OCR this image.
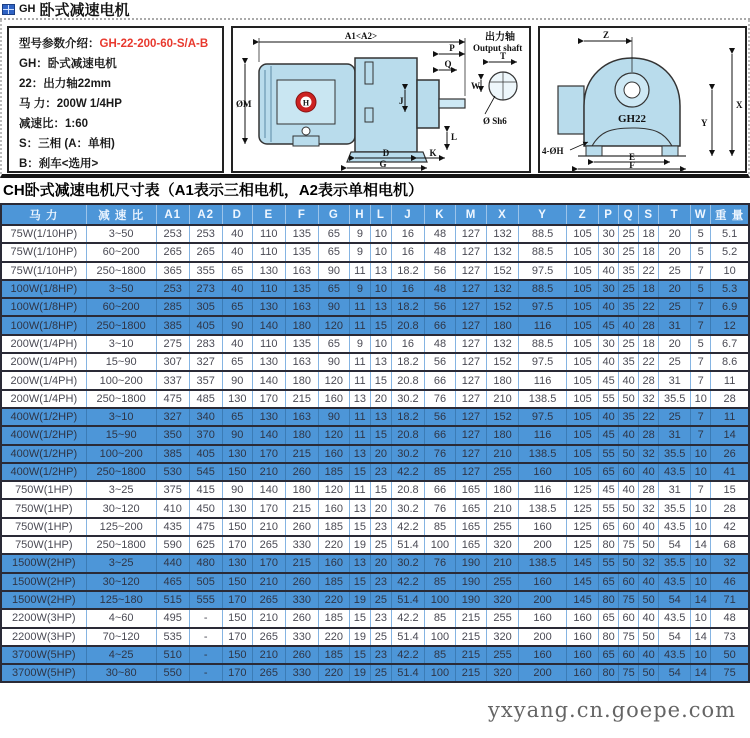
GH 卧式减速电机
型号参数介绍：GH-22-200-60-S/A-B
GH：卧式减速电机
22：出力轴22mm
马 力：200W 1/4HP
减速比：1:60
S：三相 (A：单相)
B：刹车<选用>
H
A1<A2>
ØM
P
Q
J
L
D	K
G
出力轴
Output shaft
T
W
Ø Sh6	GH22
Z
X
Y
E
F
4-ØH
CH卧式减速电机尺寸表（A1表示三相电机，A2表示单相电机）
马 力	减 速 比	A1	A2	D	E	F	G	H	L	J	K	M	X	Y	Z	P	Q	S	T	W	重 量
75W(1/10HP)	3~50	253	253	40	110	135	65	9	10	16	48	127	132	88.5	105	30	25	18	20	5	5.1
75W(1/10HP)	60~200	265	265	40	110	135	65	9	10	16	48	127	132	88.5	105	30	25	18	20	5	5.2
75W(1/10HP)	250~1800	365	355	65	130	163	90	11	13	18.2	56	127	152	97.5	105	40	35	22	25	7	10
100W(1/8HP)	3~50	253	273	40	110	135	65	9	10	16	48	127	132	88.5	105	30	25	18	20	5	5.3
100W(1/8HP)	60~200	285	305	65	130	163	90	11	13	18.2	56	127	152	97.5	105	40	35	22	25	7	6.9
100W(1/8HP)	250~1800	385	405	90	140	180	120	11	15	20.8	66	127	180	116	105	45	40	28	31	7	12
200W(1/4PH)	3~10	275	283	40	110	135	65	9	10	16	48	127	132	88.5	105	30	25	18	20	5	6.7
200W(1/4PH)	15~90	307	327	65	130	163	90	11	13	18.2	56	127	152	97.5	105	40	35	22	25	7	8.6
200W(1/4PH)	100~200	337	357	90	140	180	120	11	15	20.8	66	127	180	116	105	45	40	28	31	7	11
200W(1/4PH)	250~1800	475	485	130	170	215	160	13	20	30.2	76	127	210	138.5	105	55	50	32	35.5	10	28
400W(1/2HP)	3~10	327	340	65	130	163	90	11	13	18.2	56	127	152	97.5	105	40	35	22	25	7	11
400W(1/2HP)	15~90	350	370	90	140	180	120	11	15	20.8	66	127	180	116	105	45	40	28	31	7	14
400W(1/2HP)	100~200	385	405	130	170	215	160	13	20	30.2	76	127	210	138.5	105	55	50	32	35.5	10	26
400W(1/2HP)	250~1800	530	545	150	210	260	185	15	23	42.2	85	127	255	160	105	65	60	40	43.5	10	41
750W(1HP)	3~25	375	415	90	140	180	120	11	15	20.8	66	165	180	116	125	45	40	28	31	7	15
750W(1HP)	30~120	410	450	130	170	215	160	13	20	30.2	76	165	210	138.5	125	55	50	32	35.5	10	28
750W(1HP)	125~200	435	475	150	210	260	185	15	23	42.2	85	165	255	160	125	65	60	40	43.5	10	42
750W(1HP)	250~1800	590	625	170	265	330	220	19	25	51.4	100	165	320	200	125	80	75	50	54	14	68
1500W(2HP)	3~25	440	480	130	170	215	160	13	20	30.2	76	190	210	138.5	145	55	50	32	35.5	10	32
1500W(2HP)	30~120	465	505	150	210	260	185	15	23	42.2	85	190	255	160	145	65	60	40	43.5	10	46
1500W(2HP)	125~180	515	555	170	265	330	220	19	25	51.4	100	190	320	200	145	80	75	50	54	14	71
2200W(3HP)	4~60	495	-	150	210	260	185	15	23	42.2	85	215	255	160	160	65	60	40	43.5	10	48
2200W(3HP)	70~120	535	-	170	265	330	220	19	25	51.4	100	215	320	200	160	80	75	50	54	14	73
3700W(5HP)	4~25	510	-	150	210	260	185	15	23	42.2	85	215	255	160	160	65	60	40	43.5	10	50
3700W(5HP)	30~80	550	-	170	265	330	220	19	25	51.4	100	215	320	200	160	80	75	50	54	14	75
yxyang.cn.goepe.com
